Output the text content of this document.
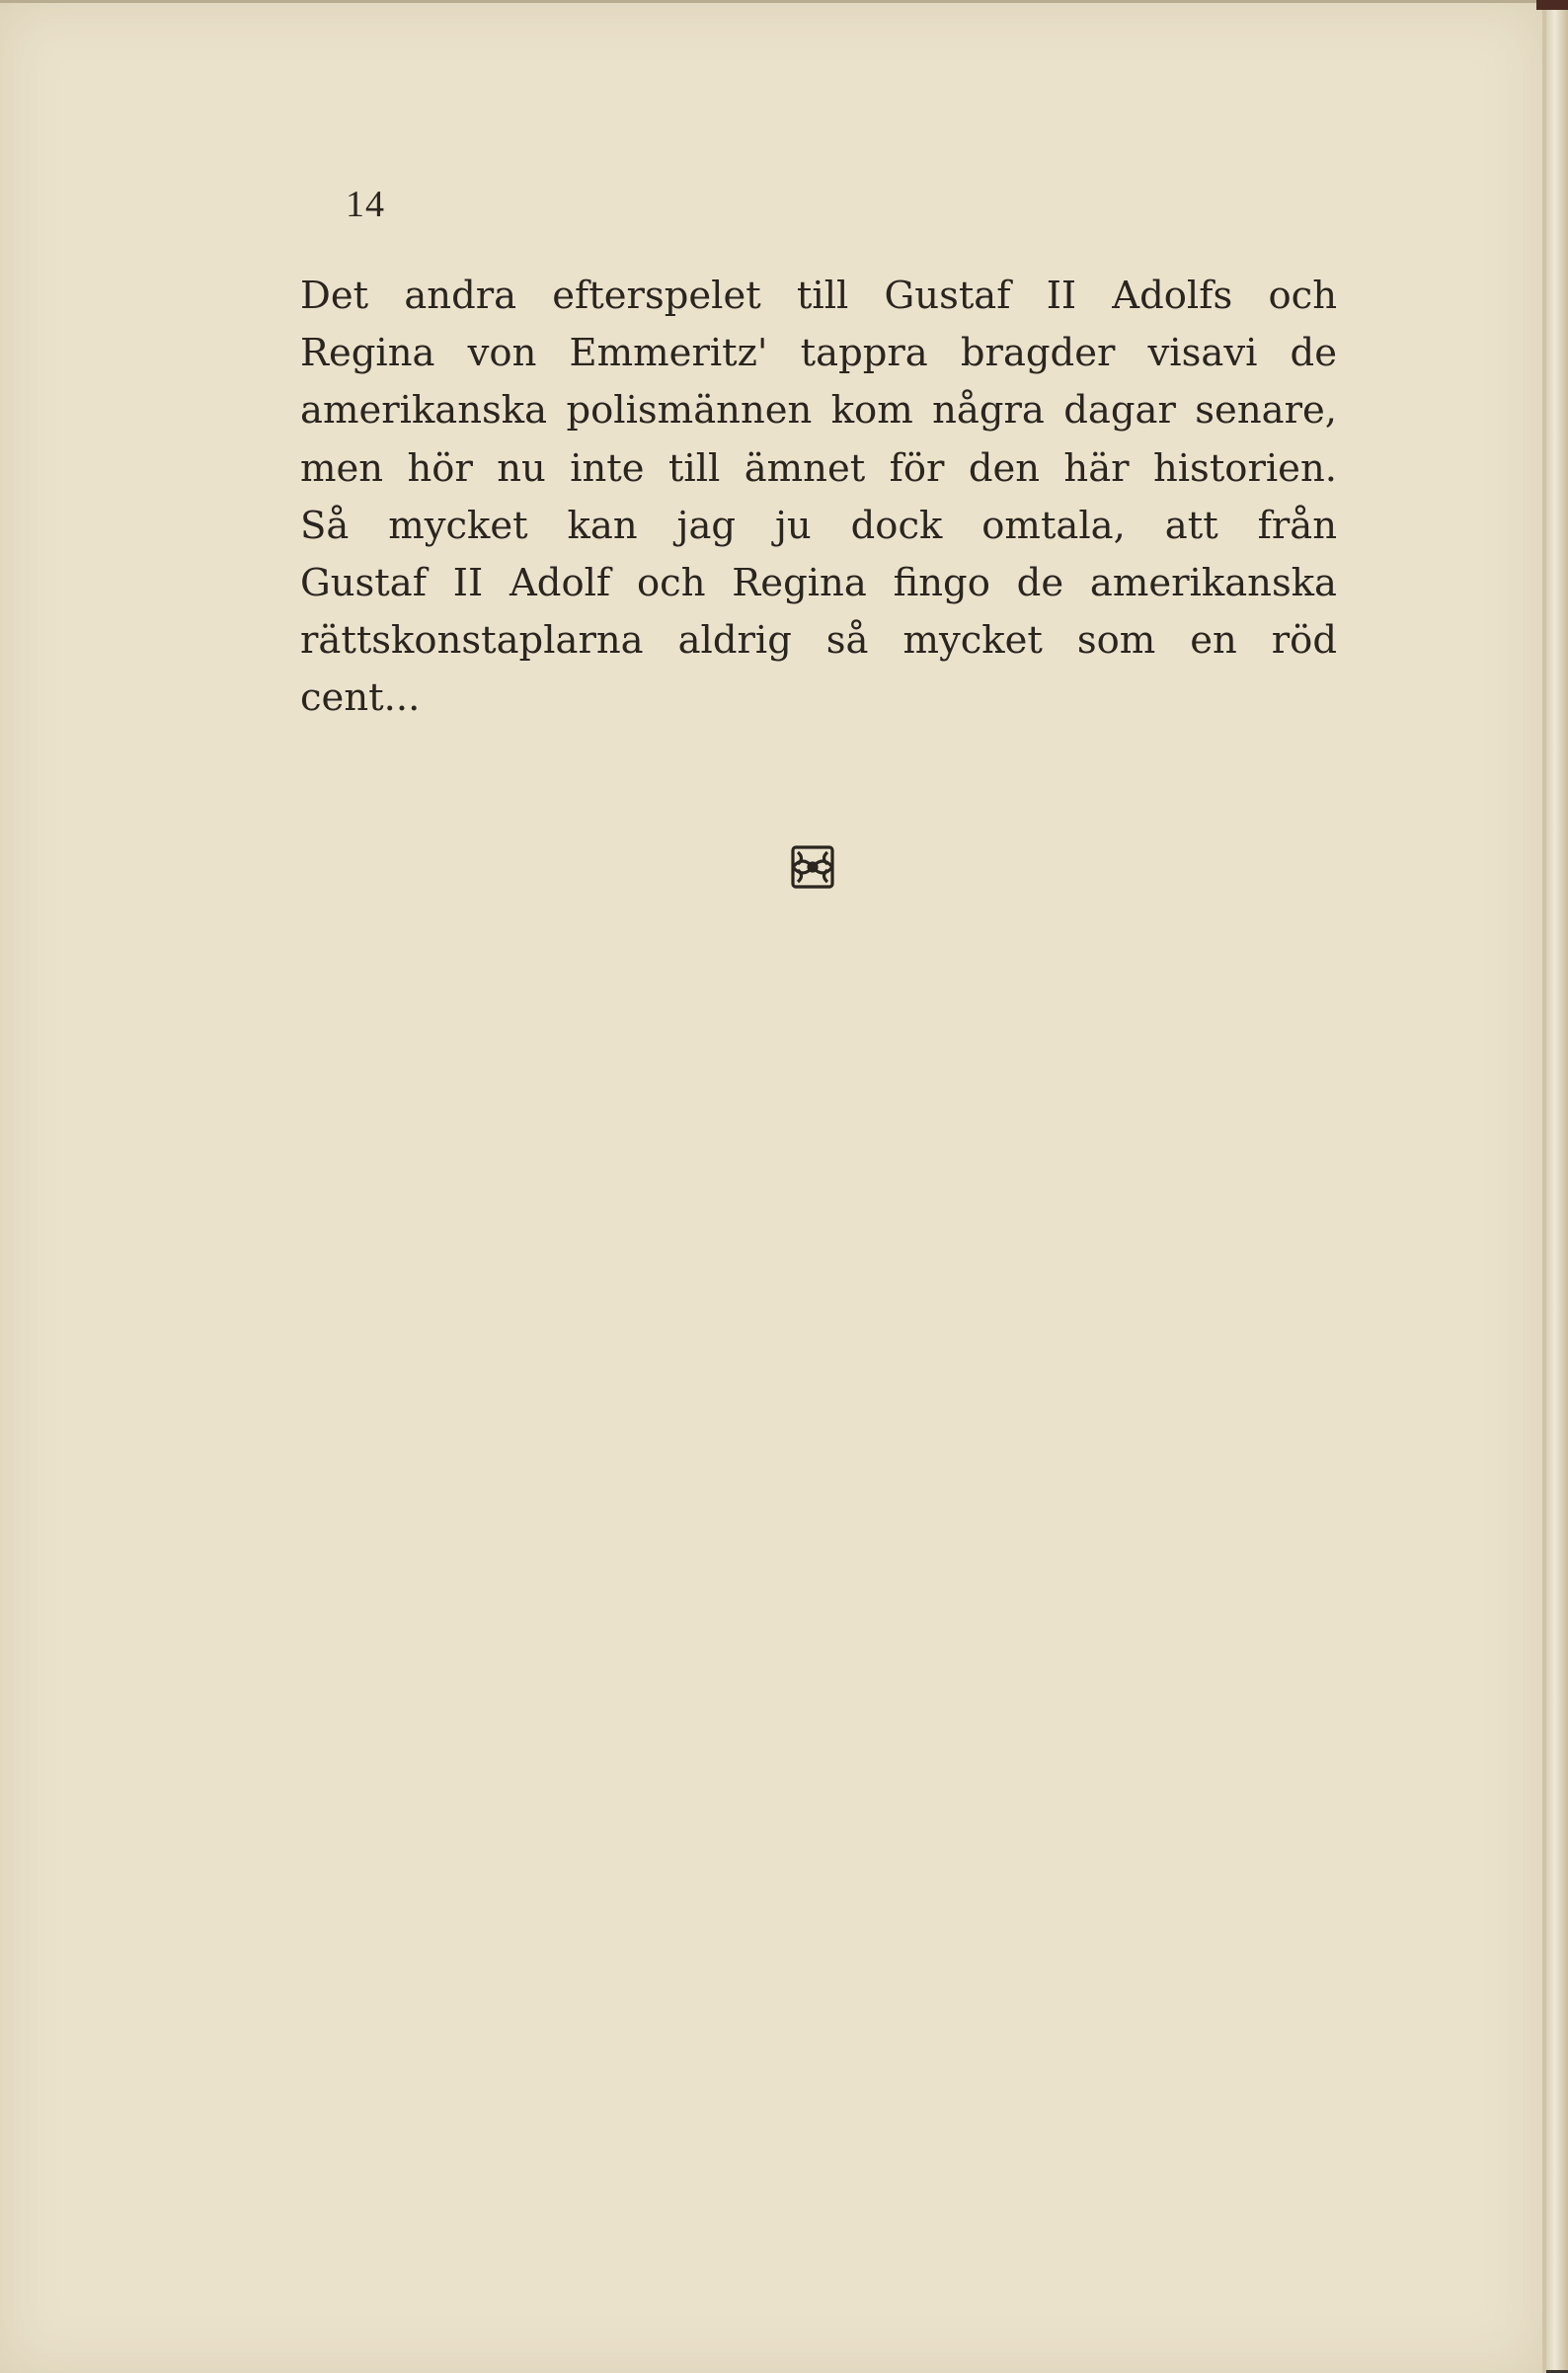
14

Det andra efterspelet till Gustaf II Adolfs och
Regina von Emmeritz' tappra bragder visavi de
amerikanska polismännen kom några dagar senare,
men hör nu inte till ämnet för den här historien.
Så mycket kan jag ju dock omtala, att från
Gustaf II Adolf och Regina fingo de amerikanska
rättskonstaplarna aldrig så mycket som en röd
cent...
